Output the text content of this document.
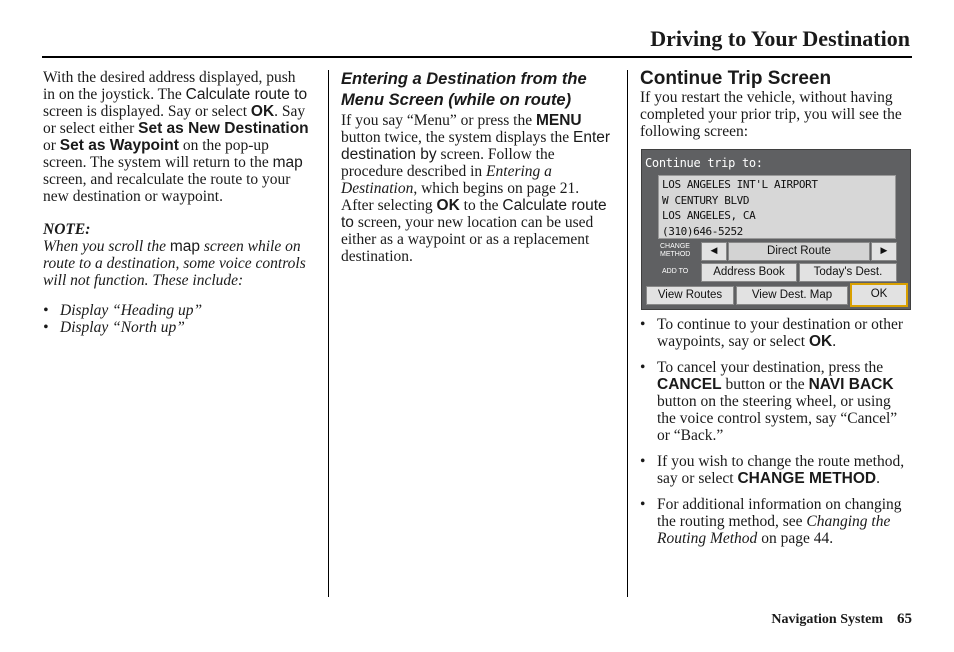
Driving to Your Destination

With the desired address displayed, push in on the joystick. The Calculate route to screen is displayed. Say or select OK. Say or select either Set as New Destination or Set as Waypoint on the pop-up screen. The system will return to the map screen, and recalculate the route to your new destination or waypoint.

NOTE:

When you scroll the map screen while on route to a destination, some voice controls will not function. These include:

• Display “Heading up”
• Display “North up”

Entering a Destination from the Menu Screen (while on route)

If you say “Menu” or press the MENU button twice, the system displays the Enter destination by screen. Follow the procedure described in Entering a Destination, which begins on page 21. After selecting OK to the Calculate route to screen, your new location can be used either as a waypoint or as a replacement destination.

Continue Trip Screen

If you restart the vehicle, without having completed your prior trip, you will see the following screen:

Continue trip to:
LOS ANGELES INT'L AIRPORT
W CENTURY BLVD
LOS ANGELES, CA
(310)646-5252
CHANGE
METHOD	◄	Direct Route	►
ADD TO	Address Book	Today's Dest.
View Routes	View Dest. Map	OK
• To continue to your destination or other waypoints, say or select OK.
• To cancel your destination, press the CANCEL button or the NAVI BACK button on the steering wheel, or using the voice control system, say “Cancel” or “Back.”
• If you wish to change the route method, say or select CHANGE METHOD.
• For additional information on changing the routing method, see Changing the Routing Method on page 44.
Navigation System 65
